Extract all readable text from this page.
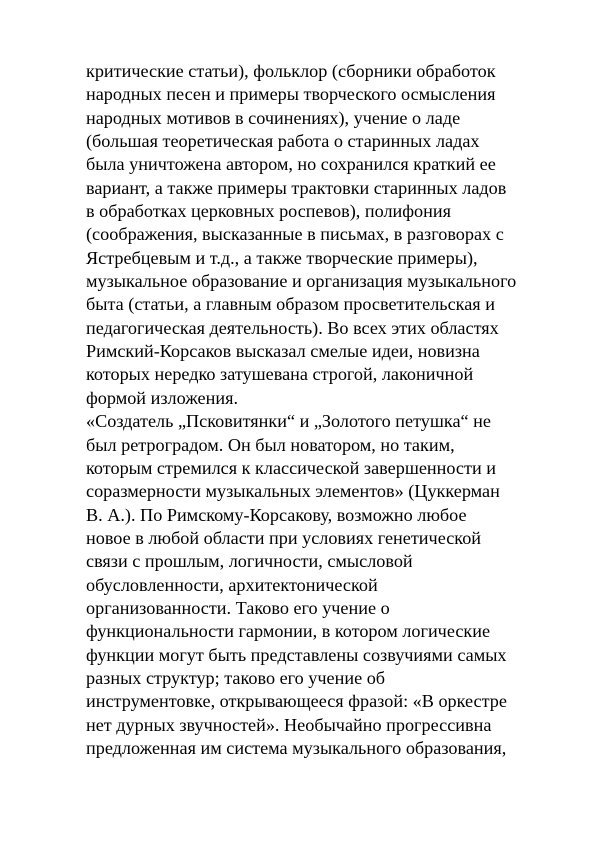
критические статьи), фольклор (сборники обработок
народных песен и примеры творческого осмысления
народных мотивов в сочинениях), учение о ладе
(большая теоретическая работа о старинных ладах
была уничтожена автором, но сохранился краткий ее
вариант, а также примеры трактовки старинных ладов
в обработках церковных роспевов), полифония
(соображения, высказанные в письмах, в разговорах с
Ястребцевым и т.д., а также творческие примеры),
музыкальное образование и организация музыкального
быта (статьи, а главным образом просветительская и
педагогическая деятельность). Во всех этих областях
Римский-Корсаков высказал смелые идеи, новизна
которых нередко затушевана строгой, лаконичной
формой изложения.
«Создатель „Псковитянки“ и „Золотого петушка“ не
был ретроградом. Он был новатором, но таким,
которым стремился к классической завершенности и
соразмерности музыкальных элементов» (Цуккерман
В. А.). По Римскому-Корсакову, возможно любое
новое в любой области при условиях генетической
связи с прошлым, логичности, смысловой
обусловленности, архитектонической
организованности. Таково его учение о
функциональности гармонии, в котором логические
функции могут быть представлены созвучиями самых
разных структур; таково его учение об
инструментовке, открывающееся фразой: «В оркестре
нет дурных звучностей». Необычайно прогрессивна
предложенная им система музыкального образования,
